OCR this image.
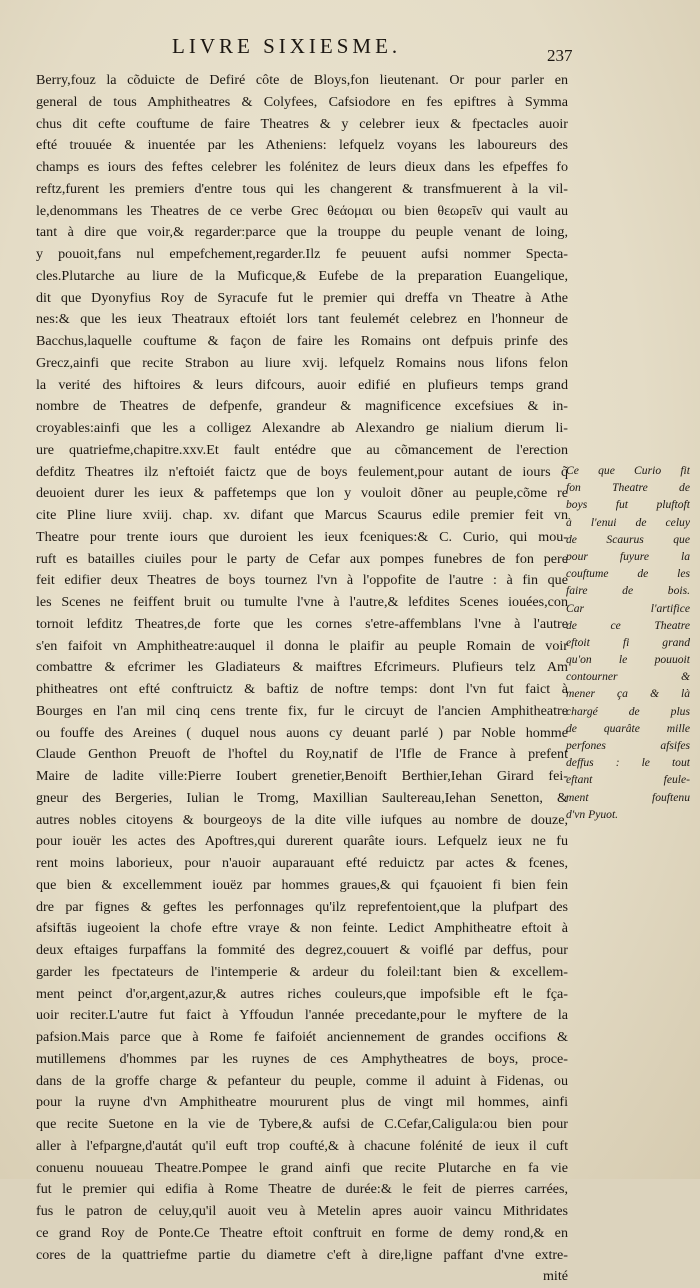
LIVRE SIXIESME.	237
Berry,fouz la cõduicte de Defiré côte de Bloys,fon lieutenant. Or pour parler en
general de tous Amphitheatres & Colyfees, Cafsiodore en fes epiftres à Symma
chus dit cefte couftume de faire Theatres & y celebrer ieux & fpectacles auoir
efté trouuée & inuentée par les Atheniens: lefquelz voyans les laboureurs des
champs es iours des feftes celebrer les folénitez de leurs dieux dans les efpeffes fo
reftz,furent les premiers d'entre tous qui les changerent & transfmuerent à la vil-
le,denommans les Theatres de ce verbe Grec θεάομαι ou bien θεωρεῖν qui vault au
tant à dire que voir,& regarder:parce que la trouppe du peuple venant de loing,
y pouoit,fans nul empefchement,regarder.Ilz fe peuuent aufsi nommer Specta-
cles.Plutarche au liure de la Muficque,& Eufebe de la preparation Euangelique,
dit que Dyonyfius Roy de Syracufe fut le premier qui dreffa vn Theatre à Athe
nes:& que les ieux Theatraux eftoiét lors tant feulemét celebrez en l'honneur de
Bacchus,laquelle couftume & façon de faire les Romains ont defpuis prinfe des
Grecz,ainfi que recite Strabon au liure xvij. lefquelz Romains nous lifons felon
la verité des hiftoires & leurs difcours, auoir edifié en plufieurs temps grand
nombre de Theatres de defpenfe, grandeur & magnificence excefsiues & in-
croyables:ainfi que les a colligez Alexandre ab Alexandro ge nialium dierum li-
ure quatriefme,chapitre.xxv.Et fault entédre que au cõmancement de l'erection
defditz Theatres ilz n'eftoiét faictz que de boys feulement,pour autant de iours q̃
deuoient durer les ieux & paffetemps que lon y vouloit dõner au peuple,cõme re
cite Pline liure xviij. chap. xv. difant que Marcus Scaurus edile premier feit vn
Theatre pour trente iours que duroient les ieux fceniques:& C. Curio, qui mou-
ruft es batailles ciuiles pour le party de Cefar aux pompes funebres de fon pere
feit edifier deux Theatres de boys tournez l'vn à l'oppofite de l'autre : à fin que
les Scenes ne feiffent bruit ou tumulte l'vne à l'autre,& lefdites Scenes iouées,con
tornoit lefditz Theatres,de forte que les cornes s'etre-affemblans l'vne à l'autre
s'en faifoit vn Amphitheatre:auquel il donna le plaifir au peuple Romain de voir
combattre & efcrimer les Gladiateurs & maiftres Efcrimeurs. Plufieurs telz Am
phitheatres ont efté conftruictz & baftiz de noftre temps: dont l'vn fut faict à
Bourges en l'an mil cinq cens trente fix, fur le circuyt de l'ancien Amphitheatre
ou fouffe des Areines ( duquel nous auons cy deuant parlé ) par Noble homme
Claude Genthon Preuoft de l'hoftel du Roy,natif de l'Ifle de France à prefent
Maire de ladite ville:Pierre Ioubert grenetier,Benoift Berthier,Iehan Girard fei-
gneur des Bergeries, Iulian le Tromg, Maxillian Saultereau,Iehan Senetton, &
autres nobles citoyens & bourgeoys de la dite ville iufques au nombre de douze,
pour iouër les actes des Apoftres,qui durerent quarâte iours. Lefquelz ieux ne fu
rent moins laborieux, pour n'auoir auparauant efté reduictz par actes & fcenes,
que bien & excellemment iouëz par hommes graues,& qui fçauoient fi bien fein
dre par fignes & geftes les perfonnages qu'ilz reprefentoient,que la plufpart des
afsiftās iugeoient la chofe eftre vraye & non feinte. Ledict Amphitheatre eftoit à
deux eftaiges furpaffans la fommité des degrez,couuert & voiflé par deffus, pour
garder les fpectateurs de l'intemperie & ardeur du foleil:tant bien & excellem-
ment peinct d'or,argent,azur,& autres riches couleurs,que impofsible eft le fça-
uoir reciter.L'autre fut faict à Yffoudun l'année precedante,pour le myftere de la
pafsion.Mais parce que à Rome fe faifoiét anciennement de grandes occifions &
mutillemens d'hommes par les ruynes de ces Amphytheatres de boys, proce-
dans de la groffe charge & pefanteur du peuple, comme il aduint à Fidenas, ou
pour la ruyne d'vn Amphitheatre moururent plus de vingt mil hommes, ainfi
que recite Suetone en la vie de Tybere,& aufsi de C.Cefar,Caligula:ou bien pour
aller à l'efpargne,d'autát qu'il euft trop coufté,& à chacune folénité de ieux il cuft
conuenu nouueau Theatre.Pompee le grand ainfi que recite Plutarche en fa vie
fut le premier qui edifia à Rome Theatre de durée:& le feit de pierres carrées,
fus le patron de celuy,qu'il auoit veu à Metelin apres auoir vaincu Mithridates
ce grand Roy de Ponte.Ce Theatre eftoit conftruit en forme de demy rond,& en
cores de la quattriefme partie du diametre c'eft à dire,ligne paffant d'vne extre-
mité
Ce que Curio fit
fon Theatre de
boys fut pluftoft
à l'enui de celuy
de Scaurus que
pour fuyure la
couftume de les
faire de bois.
Car l'artifice
de ce Theatre
eftoit fi grand
qu'on le pouuoit
contourner &
mener ça & là
chargé de plus
de quarâte mille
perfones afsifes
deffus : le tout
eftant feule-
ment fouftenu
d'vn Pyuot.
